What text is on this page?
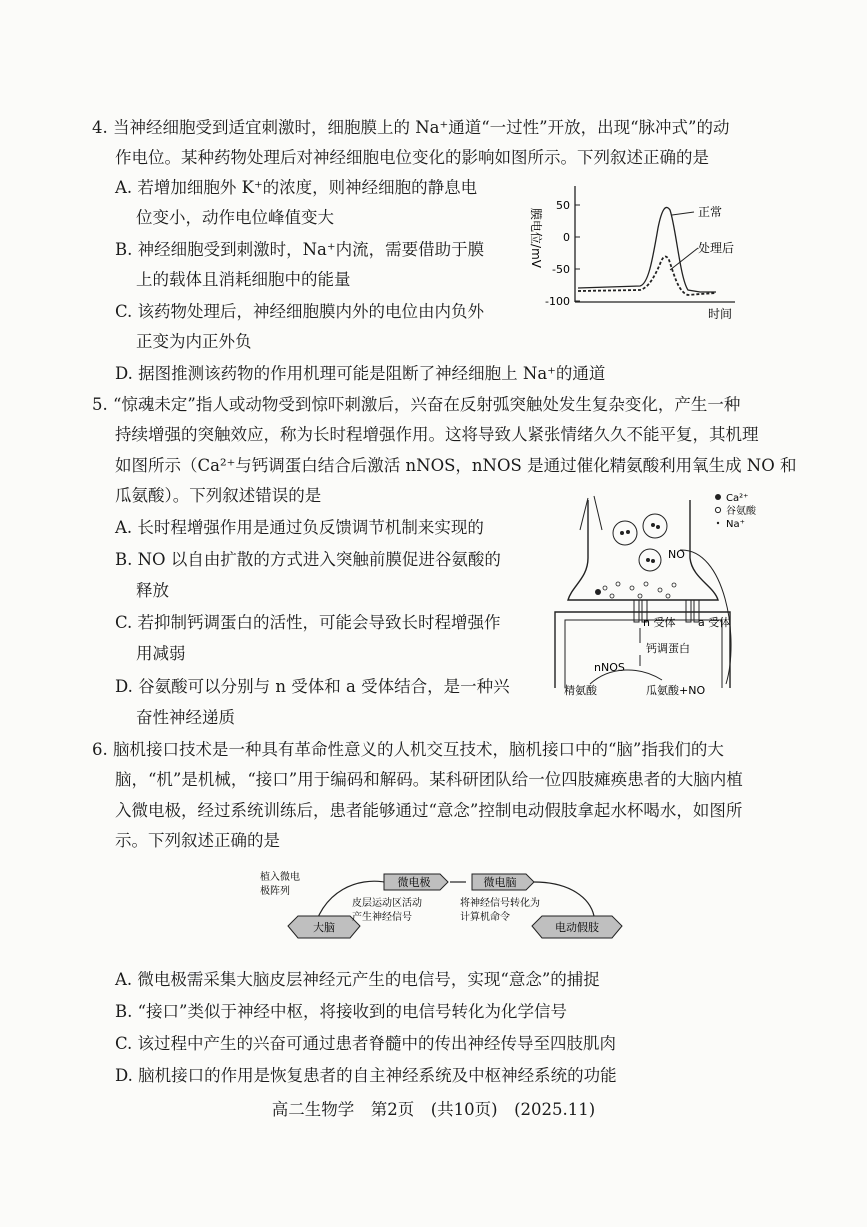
4. 当神经细胞受到适宜刺激时，细胞膜上的 Na⁺通道“一过性”开放，出现“脉冲式”的动
作电位。某种药物处理后对神经细胞电位变化的影响如图所示。下列叙述正确的是
A. 若增加细胞外 K⁺的浓度，则神经细胞的静息电
位变小，动作电位峰值变大
B. 神经细胞受到刺激时，Na⁺内流，需要借助于膜
上的载体且消耗细胞中的能量
C. 该药物处理后，神经细胞膜内外的电位由内负外
正变为内正外负
D. 据图推测该药物的作用机理可能是阻断了神经细胞上 Na⁺的通道
膜电位/mV
50
0
-50
-100
正常
处理后
时间
5. “惊魂未定”指人或动物受到惊吓刺激后，兴奋在反射弧突触处发生复杂变化，产生一种
持续增强的突触效应，称为长时程增强作用。这将导致人紧张情绪久久不能平复，其机理
如图所示（Ca²⁺与钙调蛋白结合后激活 nNOS，nNOS 是通过催化精氨酸利用氧生成 NO 和
瓜氨酸）。下列叙述错误的是
A. 长时程增强作用是通过负反馈调节机制来实现的
B. NO 以自由扩散的方式进入突触前膜促进谷氨酸的
释放
C. 若抑制钙调蛋白的活性，可能会导致长时程增强作
用减弱
D. 谷氨酸可以分别与 n 受体和 a 受体结合，是一种兴
奋性神经递质
Ca²⁺
谷氨酸
Na⁺
NO
n 受体 a 受体
钙调蛋白
nNOS
精氨酸	瓜氨酸+NO
6. 脑机接口技术是一种具有革命性意义的人机交互技术，脑机接口中的“脑”指我们的大
脑，“机”是机械，“接口”用于编码和解码。某科研团队给一位四肢瘫痪患者的大脑内植
入微电极，经过系统训练后，患者能够通过“意念”控制电动假肢拿起水杯喝水，如图所
示。下列叙述正确的是
植入微电
极阵列
大脑
微电极
皮层运动区活动
产生神经信号
微电脑
将神经信号转化为
计算机命令
电动假肢
A. 微电极需采集大脑皮层神经元产生的电信号，实现“意念”的捕捉
B. “接口”类似于神经中枢，将接收到的电信号转化为化学信号
C. 该过程中产生的兴奋可通过患者脊髓中的传出神经传导至四肢肌肉
D. 脑机接口的作用是恢复患者的自主神经系统及中枢神经系统的功能
高二生物学　第2页　(共10页)　(2025.11)
